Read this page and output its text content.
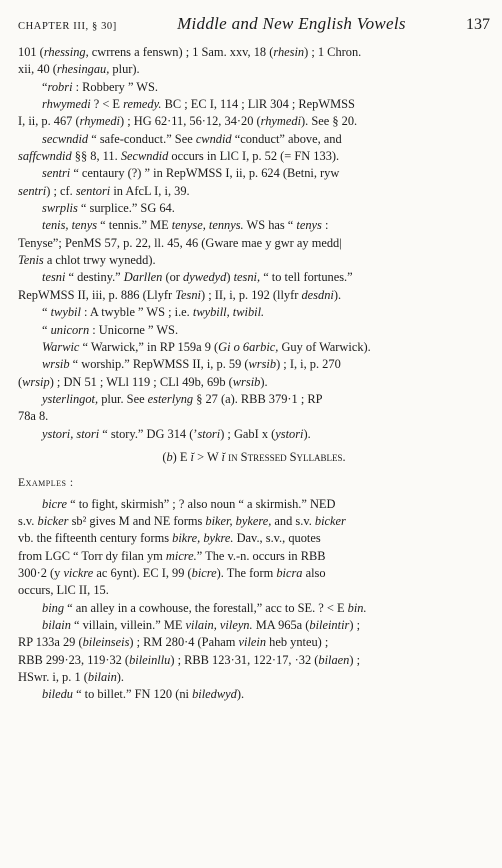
CHAPTER III, § 30]	Middle and New English Vowels	137

101 (rhessing, cwrrens a fenswn) ; 1 Sam. xxv, 18 (rhesin) ; 1 Chron.
xii, 40 (rhesingau, plur).

“robri : Robbery ” WS.

rhwymedi ? < E remedy. BC ; EC I, 114 ; LlR 304 ; RepWMSS
I, ii, p. 467 (rhymedi) ; HG 62·11, 56·12, 34·20 (rhymedi). See § 20.

secwndid “ safe-conduct.” See cwndid “conduct” above, and
saffcwndid §§ 8, 11. Secwndid occurs in LlC I, p. 52 (= FN 133).

sentri “ centaury (?) ” in RepWMSS I, ii, p. 624 (Betni, ryw
sentri) ; cf. sentori in AfcL I, i, 39.

swrplis “ surplice.” SG 64.

tenis, tenys “ tennis.” ME tenyse, tennys. WS has “ tenys :
Tenyse”; PenMS 57, p. 22, ll. 45, 46 (Gware mae y gwr ay medd|
Tenis a chlot trwy wynedd).

tesni “ destiny.” Darllen (or dywedyd) tesni, “ to tell fortunes.”
RepWMSS II, iii, p. 886 (Llyfr Tesni) ; II, i, p. 192 (llyfr desdni).

“ twybil : A twyble ” WS ; i.e. twybill, twibil.

“ unicorn : Unicorne ” WS.

Warwic “ Warwick,” in RP 159a 9 (Gi o 6arbic, Guy of Warwick).

wrsib “ worship.” RepWMSS II, i, p. 59 (wrsib) ; I, i, p. 270
(wrsip) ; DN 51 ; WLl 119 ; CLl 49b, 69b (wrsib).

ysterlingot, plur. See esterlyng § 27 (a). RBB 379·1 ; RP
78a 8.

ystori, stori “ story.” DG 314 (’stori) ; GabI x (ystori).

(b) E ĭ > W ĭ in Stressed Syllables.

Examples :

bicre “ to fight, skirmish” ; ? also noun “ a skirmish.” NED
s.v. bicker sb² gives M and NE forms biker, bykere, and s.v. bicker
vb. the fifteenth century forms bikre, bykre. Dav., s.v., quotes
from LGC “ Torr dy filan ym micre.” The v.-n. occurs in RBB
300·2 (y vickre ac 6ynt). EC I, 99 (bicre). The form bicra also
occurs, LlC II, 15.

bing “ an alley in a cowhouse, the forestall,” acc to SE. ? < E bin.

bilain “ villain, villein.” ME vilain, vileyn. MA 965a (bileintir) ;
RP 133a 29 (bileinseis) ; RM 280·4 (Paham vilein heb ynteu) ;
RBB 299·23, 119·32 (bileinllu) ; RBB 123·31, 122·17, ·32 (bilaen) ;
HSwr. i, p. 1 (bilain).

biledu “ to billet.” FN 120 (ni biledwyd).
